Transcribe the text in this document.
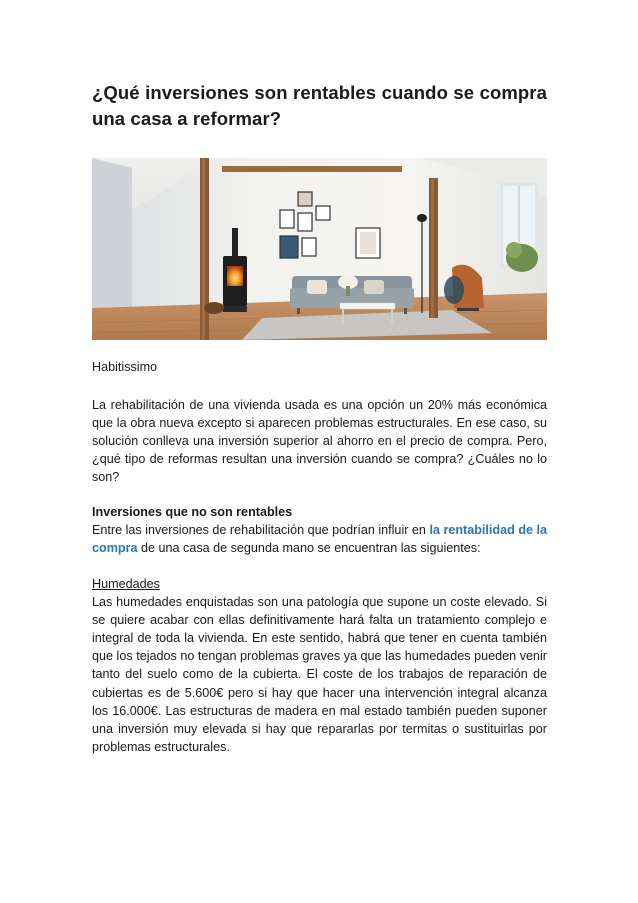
¿Qué inversiones son rentables cuando se compra una casa a reformar?

Habitissimo

La rehabilitación de una vivienda usada es una opción un 20% más económica que la obra nueva excepto si aparecen problemas estructurales. En ese caso, su solución conlleva una inversión superior al ahorro en el precio de compra. Pero, ¿qué tipo de reformas resultan una inversión cuando se compra? ¿Cuáles no lo son?

Inversiones que no son rentables
Entre las inversiones de rehabilitación que podrían influir en la rentabilidad de la compra de una casa de segunda mano se encuentran las siguientes:
Humedades
Las humedades enquistadas son una patología que supone un coste elevado. Si se quiere acabar con ellas definitivamente hará falta un tratamiento complejo e integral de toda la vivienda. En este sentido, habrá que tener en cuenta también que los tejados no tengan problemas graves ya que las humedades pueden venir tanto del suelo como de la cubierta. El coste de los trabajos de reparación de cubiertas es de 5.600€ pero si hay que hacer una intervención integral alcanza los 16.000€. Las estructuras de madera en mal estado también pueden suponer una inversión muy elevada si hay que repararlas por termitas o sustituirlas por problemas estructurales.
